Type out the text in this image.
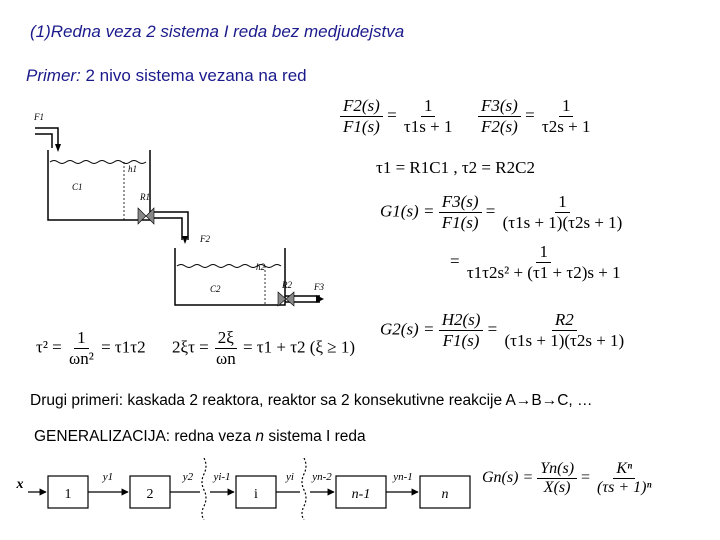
(1)Redna veza 2 sistema I reda bez medjudejstva
Primer: 2 nivo sistema vezana na red
F1
h1
C1
R1
F2
h2
C2	R2 F3
$\frac{F2(s)}{F1(s)} = \frac{1}{\tau 1s + 1} \frac{F3(s)}{F2(s)} = \frac{1}{\tau 2s + 1}$
τ1 = R1C1 , τ2 = R2C2
$G1(s) = \frac{F3(s)}{F1(s)} = \frac{1}{(\tau 1s + 1)(\tau 2s + 1)}$
= $\frac{1}{\text{τ1τ2s² + (τ1 + τ2)s + 1}}$
$G2(s) = \frac{H2(s)}{F1(s)} = \frac{R2}{(\tau 1s + 1)(\tau 2s + 1)}$
$\tau^2 = \frac{1}{\text{ωn²}} = \tau 1\tau 2$ $2\xi\tau = \frac{2\xi}{\omega n} = \tau 1 + \tau 2$ (ξ ≥ 1)
Drugi primeri: kaskada 2 reaktora, reaktor sa 2 konsekutivne reakcije A→B→C, …
GENERALIZACIJA: redna veza n sistema I reda
x
1	2	i	n-1	n
y1	y2 yi-1	yi yn-2	yn-1	$Gn(s) = \frac{Yn(s)}{X(s)} = \frac{\text{Kⁿ}}{\text{(τs + 1)ⁿ}}$
